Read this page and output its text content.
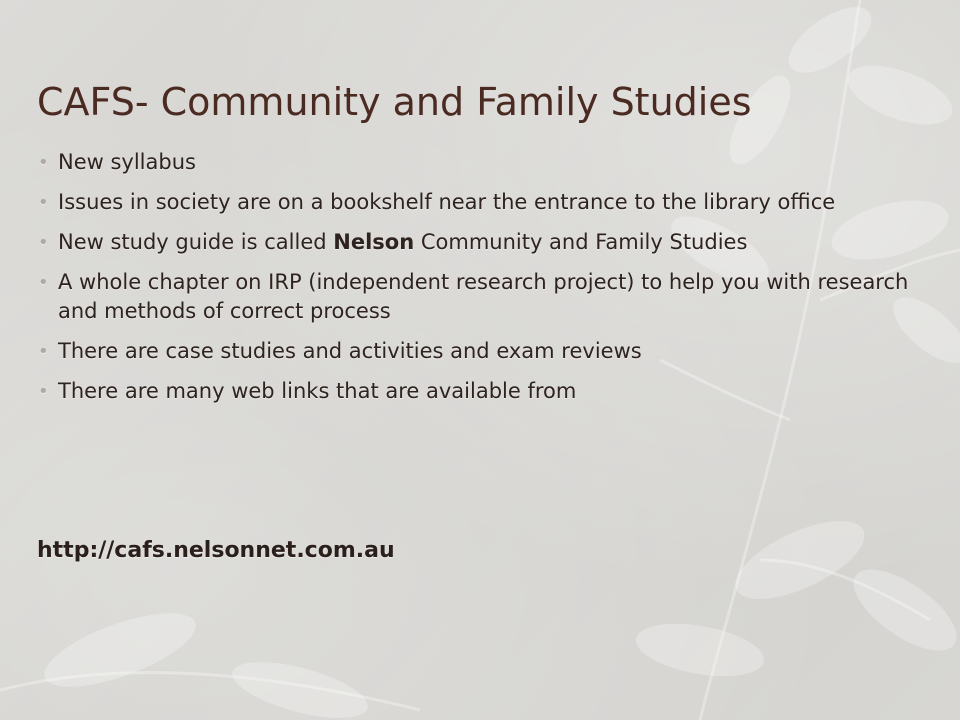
CAFS- Community and Family Studies
• New syllabus
• Issues in society are on a bookshelf near the entrance to the library office
• New study guide is called Nelson Community and Family Studies
• A whole chapter on IRP (independent research project) to help you with research and methods of correct process
• There are case studies and activities and exam reviews
• There are many web links that are available from
http://cafs.nelsonnet.com.au
